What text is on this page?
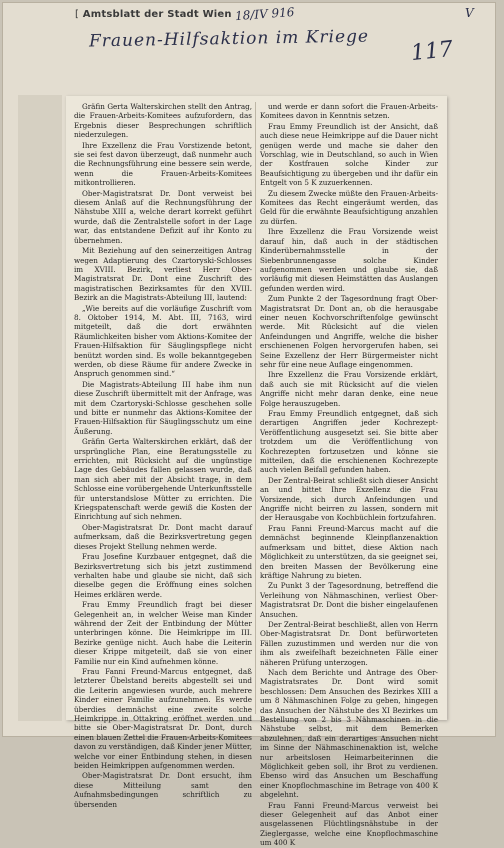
[ Amtsblatt der Stadt Wien 18/IV 916	V
Frauen-Hilfsaktion im Kriege 117

Gräfin Gerta Walterskirchen stellt den Antrag, die Frauen-Arbeits-Komitees aufzufordern, das Ergebnis dieser Besprechungen schriftlich niederzulegen.

Ihre Exzellenz die Frau Vorstizende betont, sie sei fest davon überzeugt, daß nunmehr auch die Rechnungsführung eine bessere sein werde, wenn die Frauen-Arbeits-Komitees mitkontrollieren.

Ober-Magistratsrat Dr. Dont verweist bei diesem Anlaß auf die Rechnungsführung der Nähstube XIII a, welche derart korrekt geführt wurde, daß die Zentralstelle sofort in der Lage war, das entstandene Defizit auf ihr Konto zu übernehmen.

Mit Beziehung auf den seinerzeitigen Antrag wegen Adaptierung des Czartoryski-Schlosses im XVIII. Bezirk, verliest Herr Ober-Magistratsrat Dr. Dont eine Zuschrift des magistratischen Bezirksamtes für den XVIII. Bezirk an die Magistrats-Abteilung III, lautend:

„Wie bereits auf die vorläufige Zuschrift vom 8. Oktober 1914, M. Abt. III, 7163, wird mitgeteilt, daß die dort erwähnten Räumlichkeiten bisher vom Aktions-Komitee der Frauen-Hilfsaktion für Säuglingspflege nicht benützt worden sind. Es wolle bekanntgegeben werden, ob diese Räume für andere Zwecke in Anspruch genommen sind.“

Die Magistrats-Abteilung III habe ihm nun diese Zuschrift übermittelt mit der Anfrage, was mit dem Czartoryski-Schlosse geschehen solle und bitte er nunmehr das Aktions-Komitee der Frauen-Hilfsaktion für Säuglingsschutz um eine Äußerung.

Gräfin Gerta Walterskirchen erklärt, daß der ursprüngliche Plan, eine Beratungsstelle zu errichten, mit Rücksicht auf die ungünstige Lage des Gebäudes fallen gelassen wurde, daß man sich aber mit der Absicht trage, in dem Schlosse eine vorübergehende Unterkunftsstelle für unterstandslose Mütter zu errichten. Die Kriegspatenschaft werde gewiß die Kosten der Einrichtung auf sich nehmen.

Ober-Magistratsrat Dr. Dont macht darauf aufmerksam, daß die Bezirksvertretung gegen dieses Projekt Stellung nehmen werde.

Frau Josefine Kurzbauer entgegnet, daß die Bezirksvertretung sich bis jetzt zustimmend verhalten habe und glaube sie nicht, daß sich dieselbe gegen die Eröffnung eines solchen Heimes erklären werde.

Frau Emmy Freundlich fragt bei dieser Gelegenheit an, in welcher Weise man Kinder während der Zeit der Entbindung der Mütter unterbringen könne. Die Heimkrippe im III. Bezirke genüge nicht. Auch habe die Leiterin dieser Krippe mitgeteilt, daß sie von einer Familie nur ein Kind aufnehmen könne.

Frau Fanni Freund-Marcus entgegnet, daß letzterer Übelstand bereits abgestellt sei und die Leiterin angewiesen wurde, auch mehrere Kinder einer Familie aufzunehmen. Es werde überdies demnächst eine zweite solche Heimkrippe in Ottakring eröffnet werden und bitte sie Ober-Magistratsrat Dr. Dont, durch einen blauen Zettel die Frauen-Arbeits-Komitees davon zu verständigen, daß Kinder jener Mütter, welche vor einer Entbindung stehen, in diesen beiden Heimkrippen aufgenommen werden.

Ober-Magistratsrat Dr. Dont ersucht, ihm diese Mitteilung samt den Aufnahmsbedingungen schriftlich zu übersenden

und werde er dann sofort die Frauen-Arbeits-Komitees davon in Kenntnis setzen.

Frau Emmy Freundlich ist der Ansicht, daß auch diese neue Heimkrippe auf die Dauer nicht genügen werde und mache sie daher den Vorschlag, wie in Deutschland, so auch in Wien der Kostfrauen solche Kinder zur Beaufsichtigung zu übergeben und ihr dafür ein Entgelt von 5 K zuzuerkennen.

Zu diesem Zwecke müßte den Frauen-Arbeits-Komitees das Recht eingeräumt werden, das Geld für die erwähnte Beaufsichtigung anzahlen zu dürfen.

Ihre Exzellenz die Frau Vorsizende weist darauf hin, daß auch in der städtischen Kinderübernahmsstelle in der Siebenbrunnengasse solche Kinder aufgenommen werden und glaube sie, daß vorläufig mit diesen Heimstätten das Auslangen gefunden werden wird.

Zum Punkte 2 der Tagesordnung fragt Ober-Magistratsrat Dr. Dont an, ob die herausgabe einer neuen Kochvorschriftenfolge gewünscht werde. Mit Rücksicht auf die vielen Anfeindungen und Angriffe, welche die bisher erschienenen Folgen hervorgerufen haben, sei Seine Exzellenz der Herr Bürgermeister nicht sehr für eine neue Auflage eingenommen.

Ihre Exzellenz die Frau Vorsizende erklärt, daß auch sie mit Rücksicht auf die vielen Angriffe nicht mehr daran denke, eine neue Folge herauszugeben.

Frau Emmy Freundlich entgegnet, daß sich derartigen Angriffen jeder Kochrezept-Veröffentlichung ausgesetzt sei. Sie bitte aber trotzdem um die Veröffentlichung von Kochrezepten fortzusetzen und könne sie mitteilen, daß die erschienenen Kochrezepte auch vielen Beifall gefunden haben.

Der Zentral-Beirat schließt sich dieser Ansicht an und bittet Ihre Exzellenz die Frau Vorsizende, sich durch Anfeindungen und Angriffe nicht beirren zu lassen, sondern mit der Herausgabe von Kochbüchlein fortzufahren.

Frau Fanni Freund-Marcus macht auf die demnächst beginnende Kleinpflanzenaktion aufmerksam und bittet, diese Aktion nach Möglichkeit zu unterstützen, da sie geeignet sei, den breiten Massen der Bevölkerung eine kräftige Nahrung zu bieten.

Zu Punkt 3 der Tagesordnung, betreffend die Verleihung von Nähmaschinen, verliest Ober-Magistratsrat Dr. Dont die bisher eingelaufenen Ansuchen.

Der Zentral-Beirat beschließt, allen von Herrn Ober-Magistratsrat Dr. Dont befürworteten Fällen zuzustimmen und werden nur die von ihm als zweifelhaft bezeichneten Fälle einer näheren Prüfung unterzogen.

Nach dem Berichte und Antrage des Ober-Magistratsrates Dr. Dont wird somit beschlossen: Dem Ansuchen des Bezirkes XIII a um 8 Nähmaschinen Folge zu geben, hingegen das Ansuchen der Nähstube des XI Bezirkes um Bestellung von 2 bis 3 Nähmaschinen in die Nähstube selbst, mit dem Bemerken abzulehnen, daß ein derartiges Ansuchen nicht im Sinne der Nähmaschinenaktion ist, welche nur arbeitslosen Heimarbeiterinnen die Möglichkeit geben soll, ihr Brot zu verdienen. Ebenso wird das Ansuchen um Beschaffung einer Knopflochmaschine im Betrage von 400 K abgelehnt.

Frau Fanni Freund-Marcus verweist bei dieser Gelegenheit auf das Anbot einer ausgelassenen Flüchtlingsnähstube in der Zieglergasse, welche eine Knopflochmaschine um 400 K
